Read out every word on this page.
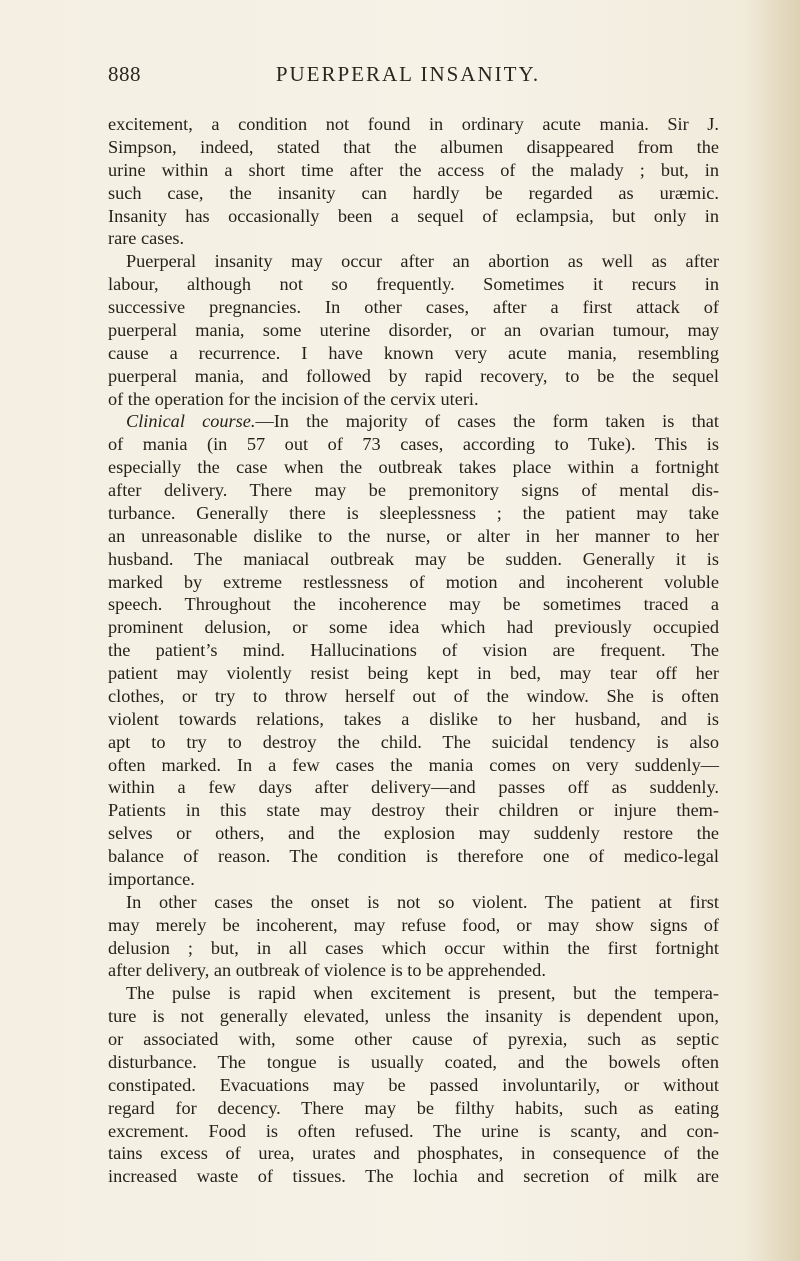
888	PUERPERAL INSANITY.
excitement, a condition not found in ordinary acute mania. Sir J.
Simpson, indeed, stated that the albumen disappeared from the
urine within a short time after the access of the malady ; but, in
such case, the insanity can hardly be regarded as uræmic.
Insanity has occasionally been a sequel of eclampsia, but only in
rare cases.
Puerperal insanity may occur after an abortion as well as after
labour, although not so frequently. Sometimes it recurs in
successive pregnancies. In other cases, after a first attack of
puerperal mania, some uterine disorder, or an ovarian tumour, may
cause a recurrence. I have known very acute mania, resembling
puerperal mania, and followed by rapid recovery, to be the sequel
of the operation for the incision of the cervix uteri.
Clinical course.—In the majority of cases the form taken is that
of mania (in 57 out of 73 cases, according to Tuke). This is
especially the case when the outbreak takes place within a fortnight
after delivery. There may be premonitory signs of mental dis-
turbance. Generally there is sleeplessness ; the patient may take
an unreasonable dislike to the nurse, or alter in her manner to her
husband. The maniacal outbreak may be sudden. Generally it is
marked by extreme restlessness of motion and incoherent voluble
speech. Throughout the incoherence may be sometimes traced a
prominent delusion, or some idea which had previously occupied
the patient’s mind. Hallucinations of vision are frequent. The
patient may violently resist being kept in bed, may tear off her
clothes, or try to throw herself out of the window. She is often
violent towards relations, takes a dislike to her husband, and is
apt to try to destroy the child. The suicidal tendency is also
often marked. In a few cases the mania comes on very suddenly—
within a few days after delivery—and passes off as suddenly.
Patients in this state may destroy their children or injure them-
selves or others, and the explosion may suddenly restore the
balance of reason. The condition is therefore one of medico-legal
importance.
In other cases the onset is not so violent. The patient at first
may merely be incoherent, may refuse food, or may show signs of
delusion ; but, in all cases which occur within the first fortnight
after delivery, an outbreak of violence is to be apprehended.
The pulse is rapid when excitement is present, but the tempera-
ture is not generally elevated, unless the insanity is dependent upon,
or associated with, some other cause of pyrexia, such as septic
disturbance. The tongue is usually coated, and the bowels often
constipated. Evacuations may be passed involuntarily, or without
regard for decency. There may be filthy habits, such as eating
excrement. Food is often refused. The urine is scanty, and con-
tains excess of urea, urates and phosphates, in consequence of the
increased waste of tissues. The lochia and secretion of milk are
